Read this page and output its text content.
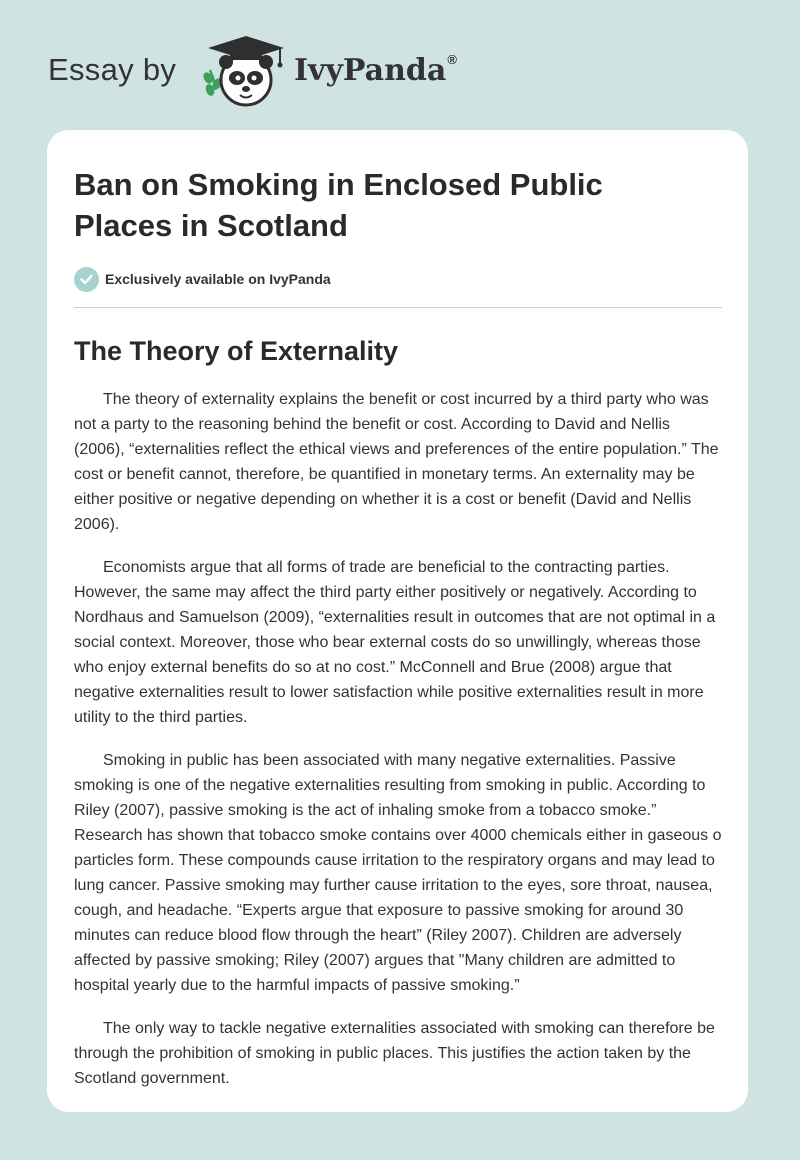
Essay by	IvyPanda®
Ban on Smoking in Enclosed Public Places in Scotland
Exclusively available on IvyPanda
The Theory of Externality

The theory of externality explains the benefit or cost incurred by a third party who was not a party to the reasoning behind the benefit or cost. According to David and Nellis (2006), “externalities reflect the ethical views and preferences of the entire population.” The cost or benefit cannot, therefore, be quantified in monetary terms. An externality may be either positive or negative depending on whether it is a cost or benefit (David and Nellis 2006).

Economists argue that all forms of trade are beneficial to the contracting parties. However, the same may affect the third party either positively or negatively. According to Nordhaus and Samuelson (2009), “externalities result in outcomes that are not optimal in a social context. Moreover, those who bear external costs do so unwillingly, whereas those who enjoy external benefits do so at no cost.” McConnell and Brue (2008) argue that negative externalities result to lower satisfaction while positive externalities result in more utility to the third parties.

Smoking in public has been associated with many negative externalities. Passive smoking is one of the negative externalities resulting from smoking in public. According to Riley (2007), passive smoking is the act of inhaling smoke from a tobacco smoke.” Research has shown that tobacco smoke contains over 4000 chemicals either in gaseous o particles form. These compounds cause irritation to the respiratory organs and may lead to lung cancer. Passive smoking may further cause irritation to the eyes, sore throat, nausea, cough, and headache. “Experts argue that exposure to passive smoking for around 30 minutes can reduce blood flow through the heart” (Riley 2007). Children are adversely affected by passive smoking; Riley (2007) argues that "Many children are admitted to hospital yearly due to the harmful impacts of passive smoking.”

The only way to tackle negative externalities associated with smoking can therefore be through the prohibition of smoking in public places. This justifies the action taken by the Scotland government.
